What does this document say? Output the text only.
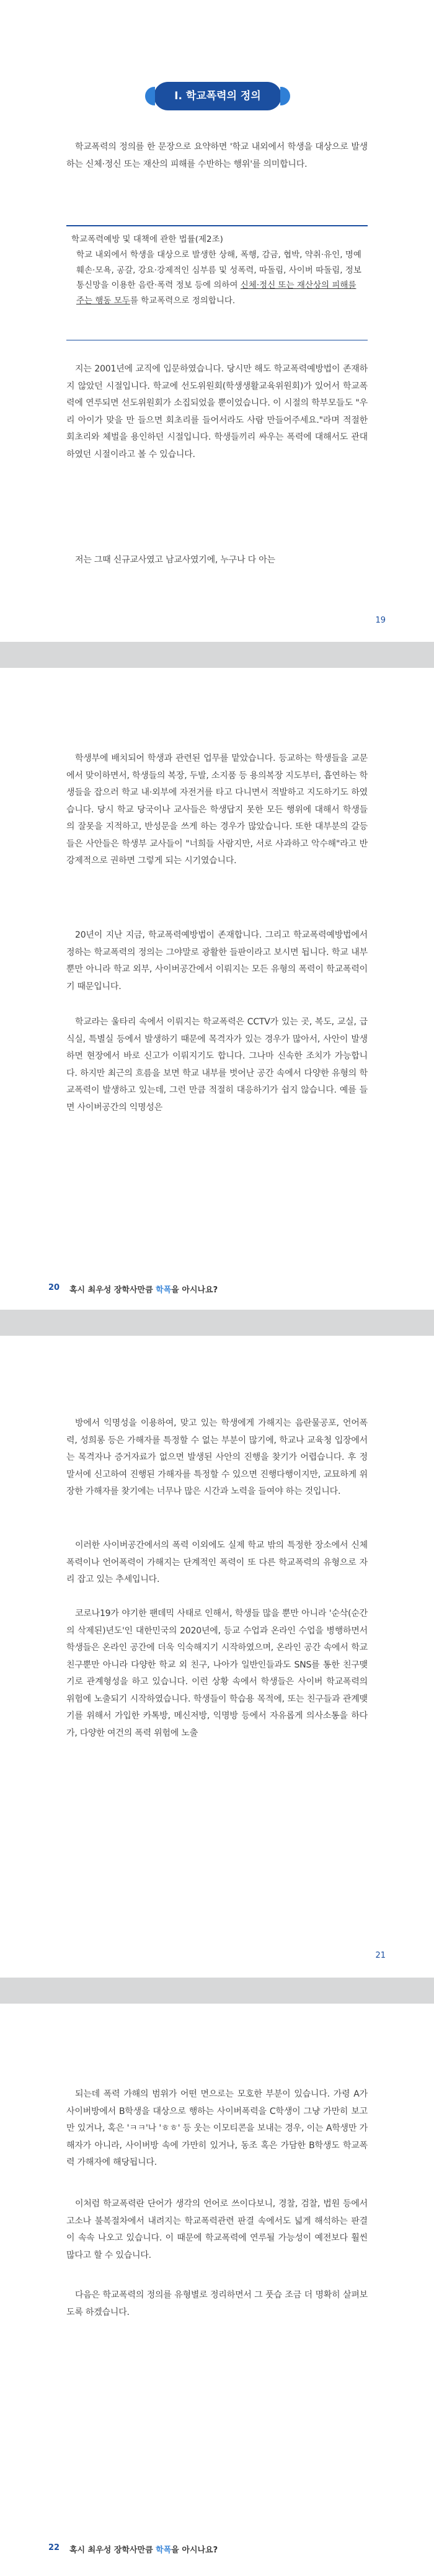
I. 학교폭력의 정의

학교폭력의 정의를 한 문장으로 요약하면 '학교 내외에서 학생을 대상으로 발생하는 신체·정신 또는 재산의 피해를 수반하는 행위'를 의미합니다.

학교폭력예방 및 대책에 관한 법률(제2조)

학교 내외에서 학생을 대상으로 발생한 상해, 폭행, 감금, 협박, 약취·유인, 명예훼손·모욕, 공갈, 강요·강제적인 심부름 및 성폭력, 따돌림, 사이버 따돌림, 정보통신망을 이용한 음란·폭력 정보 등에 의하여 신체·정신 또는 재산상의 피해를 주는 행동 모두를 학교폭력으로 정의합니다.

지는 2001년에 교직에 입문하였습니다. 당시만 해도 학교폭력예방법이 존재하지 않았던 시절입니다. 학교에 선도위원회(학생생활교육위원회)가 있어서 학교폭력에 연루되면 선도위원회가 소집되었을 뿐이었습니다. 이 시절의 학부모들도 "우리 아이가 맞을 만 들으면 회초리를 들어서라도 사람 만들어주세요."라며 적절한 회초리와 체벌을 용인하던 시절입니다. 학생들끼리 싸우는 폭력에 대해서도 관대하였던 시절이라고 볼 수 있습니다.

저는 그때 신규교사였고 남교사였기에, 누구나 다 아는

19

학생부에 배치되어 학생과 관련된 업무를 맡았습니다. 등교하는 학생들을 교문에서 맞이하면서, 학생들의 복장, 두발, 소지품 등 용의복장 지도부터, 흡연하는 학생들을 잡으러 학교 내·외부에 자전거를 타고 다니면서 적발하고 지도하기도 하였습니다. 당시 학교 당국이나 교사들은 학생답지 못한 모든 행위에 대해서 학생들의 잘못을 지적하고, 반성문을 쓰게 하는 경우가 많았습니다. 또한 대부분의 갈등들은 사안들은 학생부 교사들이 "너희들 사람지만, 서로 사과하고 악수해"라고 반강제적으로 권하면 그렇게 되는 시기였습니다.

20년이 지난 지금, 학교폭력예방법이 존재합니다. 그리고 학교폭력예방법에서 정하는 학교폭력의 정의는 그야말로 광활한 들판이라고 보시면 됩니다. 학교 내부뿐만 아니라 학교 외부, 사이버공간에서 이뤄지는 모든 유형의 폭력이 학교폭력이기 때문입니다.

학교라는 울타리 속에서 이뤄지는 학교폭력은 CCTV가 있는 곳, 복도, 교실, 급식실, 특별실 등에서 발생하기 때문에 목격자가 있는 경우가 많아서, 사안이 발생하면 현장에서 바로 신고가 이뤄지기도 합니다. 그나마 신속한 조치가 가능합니다. 하지만 최근의 흐름을 보면 학교 내부를 벗어난 공간 속에서 다양한 유형의 학교폭력이 발생하고 있는데, 그런 만큼 적절히 대응하기가 쉽지 않습니다. 예를 들면 사이버공간의 익명성은

20 혹시 최우성 장학사만큼 학폭을 아시나요?

방에서 익명성을 이용하여, 맞고 있는 학생에게 가해지는 음란물공포, 언어폭력, 성희롱 등은 가해자를 특정할 수 없는 부분이 많기에, 학교나 교육청 입장에서는 목격자나 증거자료가 없으면 발생된 사안의 진행을 찾기가 어렵습니다. 후 정말서에 신고하여 진행된 가해자를 특정할 수 있으면 진행다행이지만, 교묘하게 위장한 가해자를 찾기에는 너무나 많은 시간과 노력을 들여야 하는 것입니다.

이러한 사이버공간에서의 폭력 이외에도 실제 학교 밖의 특정한 장소에서 신체폭력이나 언어폭력이 가해지는 단계적인 폭력이 또 다른 학교폭력의 유형으로 자리 잡고 있는 추세입니다.

코로나19가 야기한 팬데믹 사태로 인해서, 학생들 많을 뿐만 아니라 '순삭(순간의 삭제된)년도'인 대한민국의 2020년에, 등교 수업과 온라인 수업을 병행하면서 학생들은 온라인 공간에 더욱 익숙해지기 시작하였으며, 온라인 공간 속에서 학교 친구뿐만 아니라 다양한 학교 외 친구, 나아가 일반인들과도 SNS를 통한 친구맺기로 관계형성을 하고 있습니다. 이런 상황 속에서 학생들은 사이버 학교폭력의 위험에 노출되기 시작하였습니다. 학생들이 학습용 목적에, 또는 친구들과 관계맺기를 위해서 가입한 카톡방, 메신저방, 익명방 등에서 자유롭게 의사소통을 하다가, 다양한 여건의 폭력 위험에 노출

21

되는데 폭력 가해의 범위가 어떤 면으로는 모호한 부분이 있습니다. 가령 A가 사이버방에서 B학생을 대상으로 행하는 사이버폭력을 C학생이 그냥 가만히 보고만 있거나, 혹은 'ㅋㅋ'나 'ㅎㅎ' 등 웃는 이모티콘을 보내는 경우, 이는 A학생만 가해자가 아니라, 사이버방 속에 가만히 있거나, 동조 혹은 가담한 B학생도 학교폭력 가해자에 해당됩니다.

이처럼 학교폭력란 단어가 생각의 언어로 쓰이다보니, 경찰, 검찰, 법원 등에서 고소나 불복절차에서 내려지는 학교폭력관련 판결 속에서도 넓게 해석하는 판결이 속속 나오고 있습니다. 이 때문에 학교폭력에 연루될 가능성이 예전보다 훨씬 많다고 할 수 있습니다.

다음은 학교폭력의 정의를 유형별로 정리하면서 그 풋습 조금 더 명확히 살펴보도록 하겠습니다.

22 혹시 최우성 장학사만큼 학폭을 아시나요?
